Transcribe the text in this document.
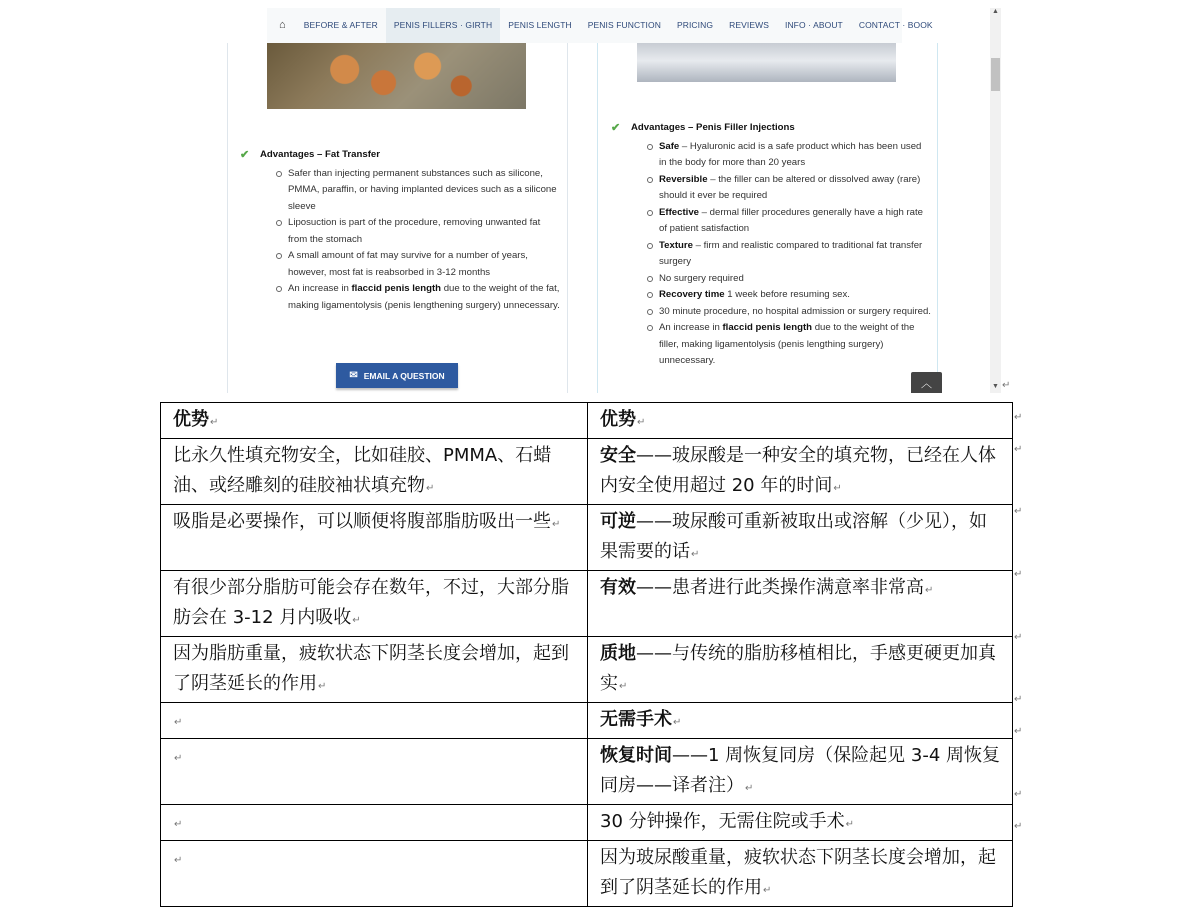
⌂	BEFORE & AFTER	PENIS FILLERS · GIRTH	PENIS LENGTH	PENIS FUNCTION	PRICING	REVIEWS	INFO · ABOUT	CONTACT · BOOK
✔	Advantages – Fat Transfer
Safer than injecting permanent substances such as silicone, PMMA, paraffin, or having implanted devices such as a silicone sleeve
Liposuction is part of the procedure, removing unwanted fat from the stomach
A small amount of fat may survive for a number of years, however, most fat is reabsorbed in 3-12 months
An increase in flaccid penis length due to the weight of the fat, making ligamentolysis (penis lengthening surgery) unnecessary.
✔	Advantages – Penis Filler Injections
Safe – Hyaluronic acid is a safe product which has been used in the body for more than 20 years
Reversible – the filler can be altered or dissolved away (rare) should it ever be required
Effective – dermal filler procedures generally have a high rate of patient satisfaction
Texture – firm and realistic compared to traditional fat transfer surgery
No surgery required
Recovery time 1 week before resuming sex.
30 minute procedure, no hospital admission or surgery required.
An increase in flaccid penis length due to the weight of the filler, making ligamentolysis (penis lengthing surgery) unnecessary.
✉ EMAIL A QUESTION
︿
▲
▼ ↵
优势↵	优势↵
比永久性填充物安全，比如硅胶、PMMA、石蜡油、或经雕刻的硅胶袖状填充物↵	安全——玻尿酸是一种安全的填充物，已经在人体内安全使用超过 20 年的时间↵
吸脂是必要操作，可以顺便将腹部脂肪吸出一些↵	可逆——玻尿酸可重新被取出或溶解（少见），如果需要的话↵
有很少部分脂肪可能会存在数年，不过，大部分脂肪会在 3-12 月内吸收↵	有效——患者进行此类操作满意率非常高↵
因为脂肪重量，疲软状态下阴茎长度会增加，起到了阴茎延长的作用↵	质地——与传统的脂肪移植相比，手感更硬更加真实↵
↵	无需手术↵
↵	恢复时间——1 周恢复同房（保险起见 3-4 周恢复同房——译者注）↵
↵	30 分钟操作，无需住院或手术↵
↵	因为玻尿酸重量，疲软状态下阴茎长度会增加，起到了阴茎延长的作用↵
↵
↵
↵
↵
↵
↵
↵
↵
↵
